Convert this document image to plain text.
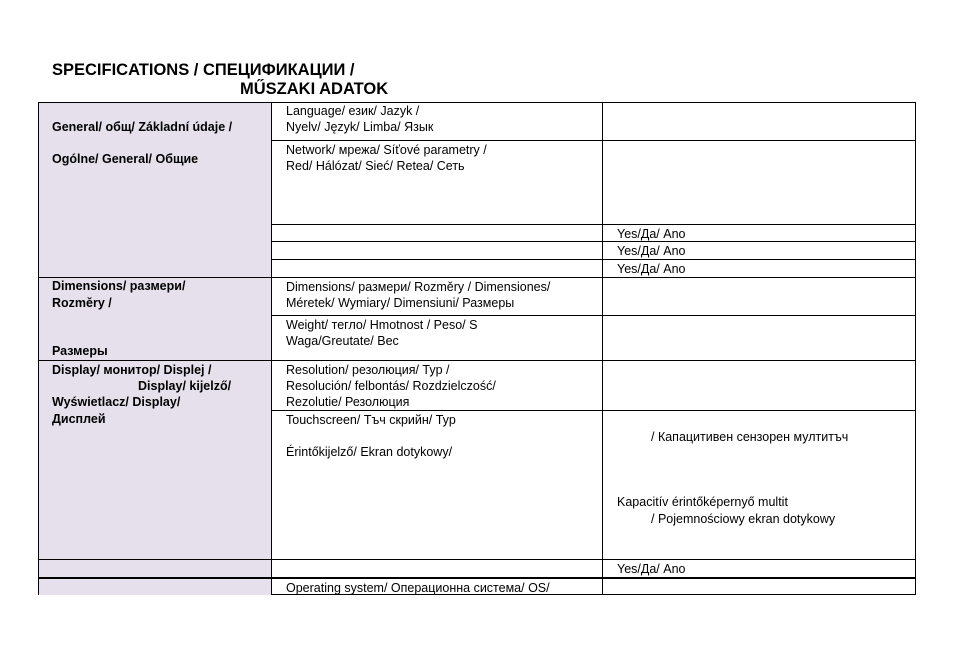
SPECIFICATIONS / СПЕЦИФИКАЦИИ /
MŰSZAKI ADATOK
General/ общ/ Základní údaje /
Ogólne/ General/ Общие
Language/ език/ Jazyk /
Nyelv/ Język/ Limba/ Язык
Network/ мрежа/ Síťové parametry /
Red/ Hálózat/ Sieć/ Retea/ Сеть
Yes/Да/ Ano
Yes/Да/ Ano
Yes/Да/ Ano
Dimensions/ размери/
Rozměry /
Размеры
Dimensions/ размери/ Rozměry / Dimensiones/
Méretek/ Wymiary/ Dimensiuni/ Размеры
Weight/ тегло/ Hmotnost / Peso/ S
Waga/Greutate/ Вес
Display/ монитор/ Displej /
Display/ kijelző/
Wyświetlacz/ Display/
Дисплей
Resolution/ резолюция/ Typ /
Resolución/ felbontás/ Rozdzielczość/
Rezolutie/ Резолюция
Touchscreen/ Тъч скрийн/ Typ
Érintőkijelző/ Ekran dotykowy/
/ Капацитивен сензорен мултитъч
Kapacitív érintőképernyő multit
/ Pojemnościowy ekran dotykowy
Yes/Да/ Ano
Operating system/ Операционна система/ OS/
